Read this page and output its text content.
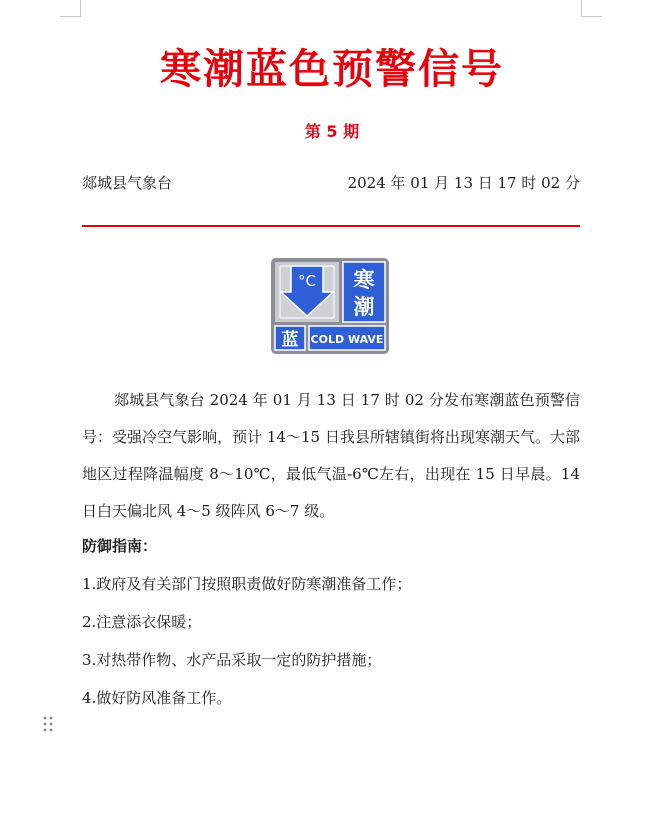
寒潮蓝色预警信号
第 5 期
郯城县气象台	2024 年 01 月 13 日 17 时 02 分
°C 寒
潮
蓝 COLD WAVE

郯城县气象台 2024 年 01 月 13 日 17 时 02 分发布寒潮蓝色预警信号：受强冷空气影响，预计 14～15 日我县所辖镇街将出现寒潮天气。大部地区过程降温幅度 8～10℃，最低气温-6℃左右，出现在 15 日早晨。14 日白天偏北风 4～5 级阵风 6～7 级。

防御指南：
1.政府及有关部门按照职责做好防寒潮准备工作；
2.注意添衣保暖；
3.对热带作物、水产品采取一定的防护措施；
4.做好防风准备工作。
